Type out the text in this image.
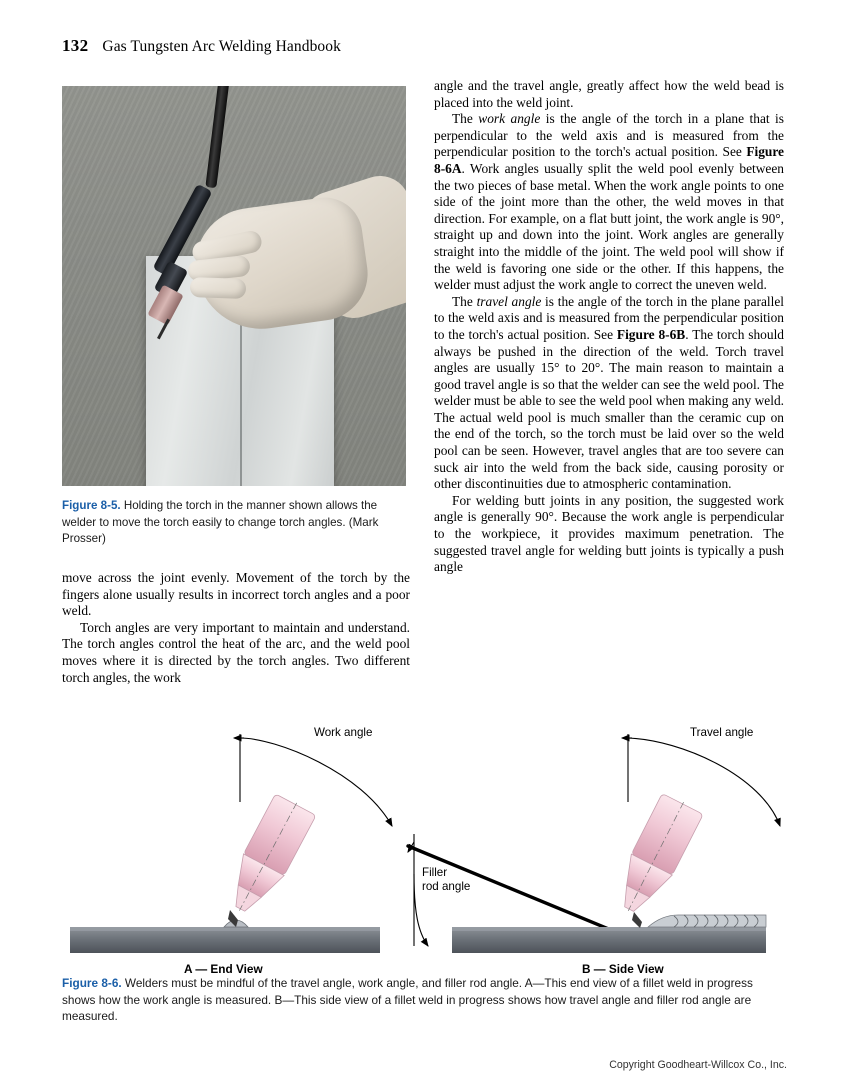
132 Gas Tungsten Arc Welding Handbook
Figure 8-5. Holding the torch in the manner shown allows the welder to move the torch easily to change torch angles. (Mark Prosser)

move across the joint evenly. Movement of the torch by the fingers alone usually results in incorrect torch angles and a poor weld.

Torch angles are very important to maintain and understand. The torch angles control the heat of the arc, and the weld pool moves where it is directed by the torch angles. Two different torch angles, the work

angle and the travel angle, greatly affect how the weld bead is placed into the weld joint.

The work angle is the angle of the torch in a plane that is perpendicular to the weld axis and is measured from the perpendicular position to the torch's actual position. See Figure 8-6A. Work angles usually split the weld pool evenly between the two pieces of base metal. When the work angle points to one side of the joint more than the other, the weld moves in that direction. For example, on a flat butt joint, the work angle is 90°, straight up and down into the joint. Work angles are generally straight into the middle of the joint. The weld pool will show if the weld is favoring one side or the other. If this happens, the welder must adjust the work angle to correct the uneven weld.

The travel angle is the angle of the torch in the plane parallel to the weld axis and is measured from the perpendicular position to the torch's actual position. See Figure 8-6B. The torch should always be pushed in the direction of the weld. Torch travel angles are usually 15° to 20°. The main reason to maintain a good travel angle is so that the welder can see the weld pool. The welder must be able to see the weld pool when making any weld. The actual weld pool is much smaller than the ceramic cup on the end of the torch, so the torch must be laid over so the weld pool can be seen. However, travel angles that are too severe can suck air into the weld from the back side, causing porosity or other discontinuities due to atmospheric contamination.

For welding butt joints in any position, the suggested work angle is generally 90°. Because the work angle is perpendicular to the workpiece, it provides maximum penetration. The suggested travel angle for welding butt joints is typically a push angle

Work angle
A — End View
Travel angle
Filler
rod angle
B — Side View
Figure 8-6. Welders must be mindful of the travel angle, work angle, and filler rod angle. A—This end view of a fillet weld in progress shows how the work angle is measured. B—This side view of a fillet weld in progress shows how travel angle and filler rod angle are measured.
Copyright Goodheart-Willcox Co., Inc.
